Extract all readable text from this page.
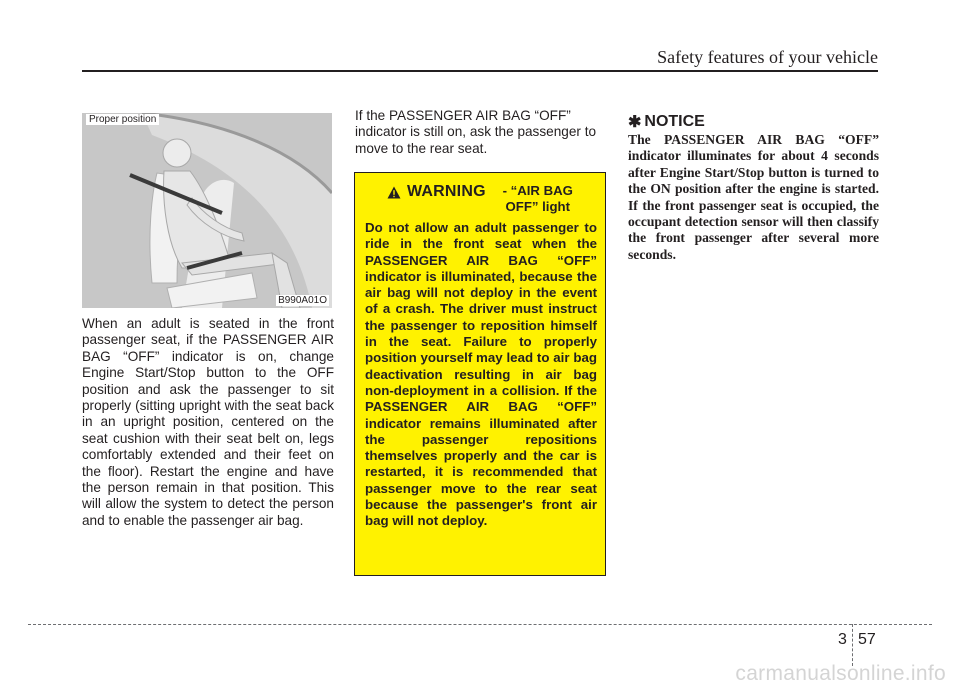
Safety features of your vehicle
Proper position
B990A01O

When an adult is seated in the front passenger seat, if the PASSENGER AIR BAG “OFF” indicator is on, change Engine Start/Stop button to the OFF position and ask the passenger to sit properly (sitting upright with the seat back in an upright position, centered on the seat cushion with their seat belt on, legs comfortably extended and their feet on the floor). Restart the engine and have the person remain in that position. This will allow the system to detect the person and to enable the passenger air bag.

If the PASSENGER AIR BAG “OFF” indicator is still on, ask the passenger to move to the rear seat.

WARNING	- “AIR BAG OFF” light

Do not allow an adult passenger to ride in the front seat when the PASSENGER AIR BAG “OFF” indicator is illuminated, because the air bag will not deploy in the event of a crash. The driver must instruct the passenger to reposition himself in the seat. Failure to properly position yourself may lead to air bag deactivation resulting in air bag non-deployment in a collision. If the PASSENGER AIR BAG “OFF” indicator remains illuminated after the passenger repositions themselves properly and the car is restarted, it is recommended that passenger move to the rear seat because the passenger's front air bag will not deploy.

✱ NOTICE

The PASSENGER AIR BAG “OFF” indicator illuminates for about 4 seconds after Engine Start/Stop button is turned to the ON position after the engine is started. If the front passenger seat is occupied, the occupant detection sensor will then classify the front passenger after several more seconds.

3 57
carmanualsonline.info
